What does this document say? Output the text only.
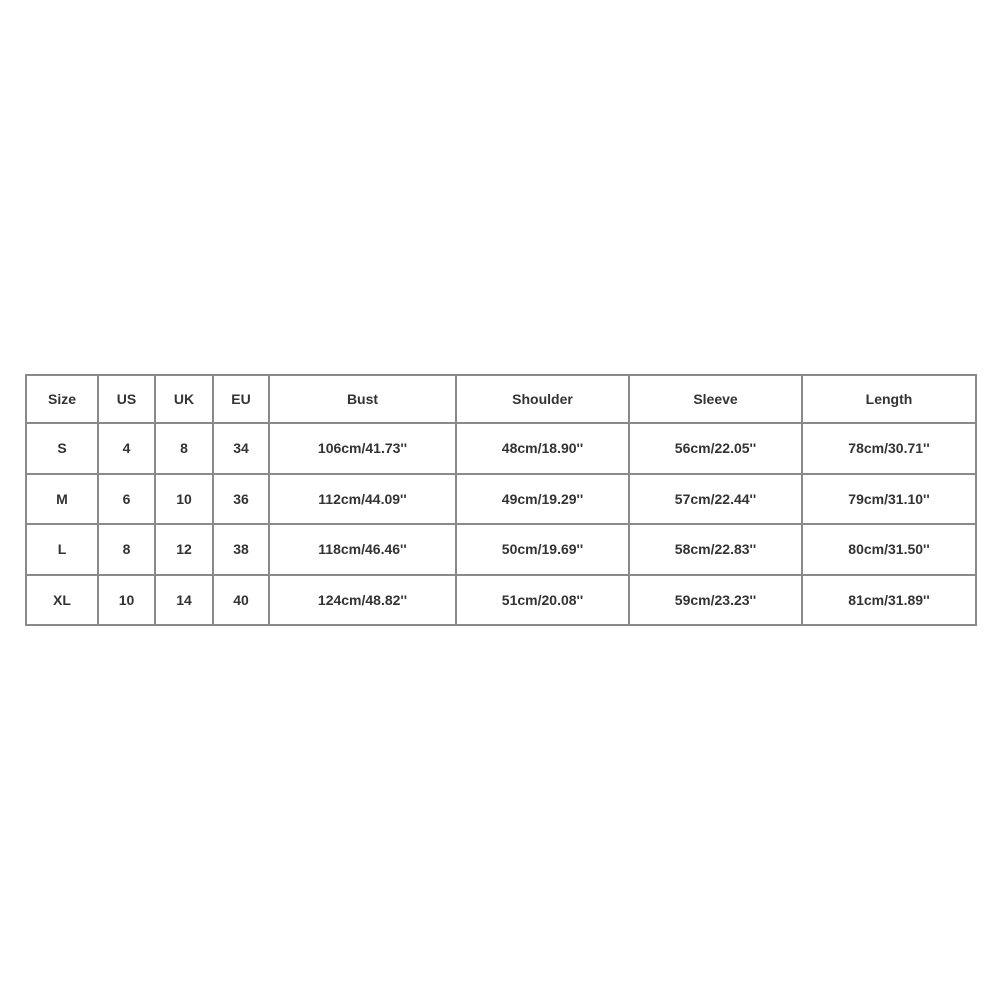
Size	US	UK	EU	Bust	Shoulder	Sleeve	Length
S	4	8	34	106cm/41.73''	48cm/18.90''	56cm/22.05''	78cm/30.71''
M	6	10	36	112cm/44.09''	49cm/19.29''	57cm/22.44''	79cm/31.10''
L	8	12	38	118cm/46.46''	50cm/19.69''	58cm/22.83''	80cm/31.50''
XL	10	14	40	124cm/48.82''	51cm/20.08''	59cm/23.23''	81cm/31.89''
